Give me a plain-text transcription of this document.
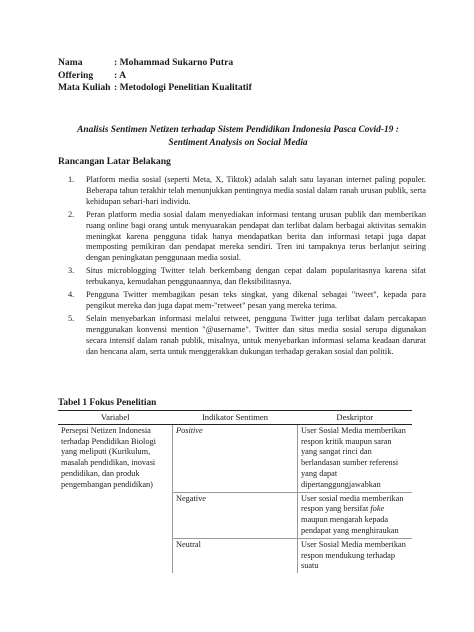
Nama	: Mohammad Sukarno Putra
Offering	: A
Mata Kuliah : Metodologi Penelitian Kualitatif
Analisis Sentimen Netizen terhadap Sistem Pendidikan Indonesia Pasca Covid-19 :
Sentiment Analysis on Social Media
Rancangan Latar Belakang
1. Platform media sosial (seperti Meta, X, Tiktok) adalah salah satu layanan internet paling populer. Beberapa tahun terakhir telah menunjukkan pentingnya media sosial dalam ranah urusan publik, serta kehidupan sehari-hari individu.
2. Peran platform media sosial dalam menyediakan informasi tentang urusan publik dan memberikan ruang online bagi orang untuk menyuarakan pendapat dan terlibat dalam berbagai aktivitas semakin meningkat karena pengguna tidak hanya mendapatkan berita dan informasi tetapi juga dapat memposting pemikiran dan pendapat mereka sendiri. Tren ini tampaknya terus berlanjut seiring dengan peningkatan penggunaan media sosial.
3. Situs microblogging Twitter telah berkembang dengan cepat dalam popularitasnya karena sifat terbukanya, kemudahan penggunaannya, dan fleksibilitasnya.
4. Pengguna Twitter membagikan pesan teks singkat, yang dikenal sebagai "tweet", kepada para pengikut mereka dan juga dapat mem-"retweet" pesan yang mereka terima.
5. Selain menyebarkan informasi melalui retweet, pengguna Twitter juga terlibat dalam percakapan menggunakan konvensi mention "@username". Twitter dan situs media sosial serupa digunakan secara intensif dalam ranah publik, misalnya, untuk menyebarkan informasi selama keadaan darurat dan bencana alam, serta untuk menggerakkan dukungan terhadap gerakan sosial dan politik.
Tabel 1 Fokus Penelitian
Variabel	Indikator Sentimen	Deskriptor
Persepsi Netizen Indonesia terhadap Pendidikan Biologi yang meliputi (Kurikulum, masalah pendidikan, inovasi pendidikan, dan produk pengembangan pendidikan)	Positive	User Sosial Media memberikan respon kritik maupun saran yang sangat rinci dan berlandasan sumber referensi yang dapat dipertanggungjawabkan
	Negative	User sosial media memberikan respon yang bersifat foke maupun mengarah kepada pendapat yang menghiraukan
	Neutral	User Sosial Media memberikan respon mendukung terhadap suatu
